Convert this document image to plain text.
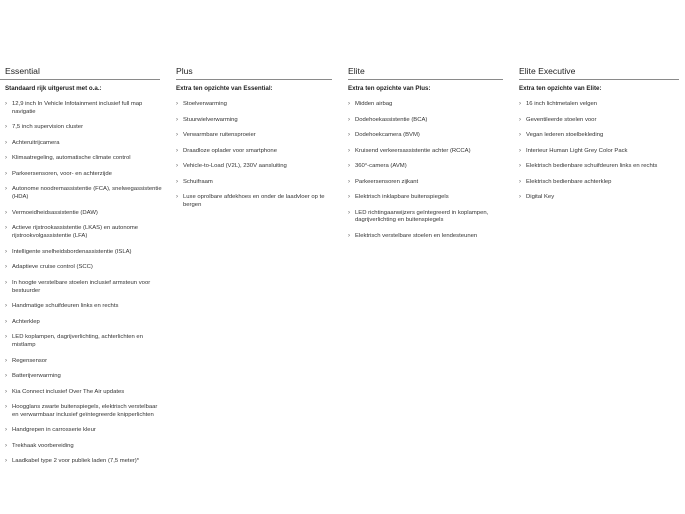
Essential
Standaard rijk uitgerust met o.a.:
› 12,9 inch In Vehicle Infotainment inclusief full map navigatie
› 7,5 inch supervision cluster
› Achteruitrijcamera
› Klimaatregeling, automatische climate control
› Parkeersensoren, voor- en achterzijde
› Autonome noodremassistentie (FCA), snelwegassistentie (HDA)
› Vermoeidheidsassistentie (DAW)
› Actieve rijstrookassistentie (LKAS) en autonome rijstrookvolgassistentie (LFA)
› Intelligente snelheidsbordenassistentie (ISLA)
› Adaptieve cruise control (SCC)
› In hoogte verstelbare stoelen inclusief armsteun voor bestuurder
› Handmatige schuifdeuren links en rechts
› Achterklep
› LED koplampen, dagrijverlichting, achterlichten en mistlamp
› Regensensor
› Batterijverwarming
› Kia Connect inclusief Over The Air updates
› Hoogglans zwarte buitenspiegels, elektrisch verstelbaar en verwarmbaar inclusief geïntegreerde knipperlichten
› Handgrepen in carrosserie kleur
› Trekhaak voorbereiding
› Laadkabel type 2 voor publiek laden (7,5 meter)*
Plus
Extra ten opzichte van Essential:
› Stoelverwarming
› Stuurwielverwarming
› Verwarmbare ruitensproeier
› Draadloze oplader voor smartphone
› Vehicle-to-Load (V2L), 230V aansluiting
› Schuifraam
› Luxe oprolbare afdekhoes en onder de laadvloer op te bergen
Elite
Extra ten opzichte van Plus:
› Midden airbag
› Dodehoekassistentie (BCA)
› Dodehoekcamera (BVM)
› Kruisend verkeersassistentie achter (RCCA)
› 360°-camera (AVM)
› Parkeersensoren zijkant
› Elektrisch inklapbare buitenspiegels
› LED richtingaanwijzers geïntegreerd in koplampen, dagrijverlichting en buitenspiegels
› Elektrisch verstelbare stoelen en lendesteunen
Elite Executive
Extra ten opzichte van Elite:
› 16 inch lichtmetalen velgen
› Geventileerde stoelen voor
› Vegan lederen stoelbekleding
› Interieur Human Light Grey Color Pack
› Elektrisch bedienbare schuifdeuren links en rechts
› Elektrisch bedienbare achterklep
› Digital Key
